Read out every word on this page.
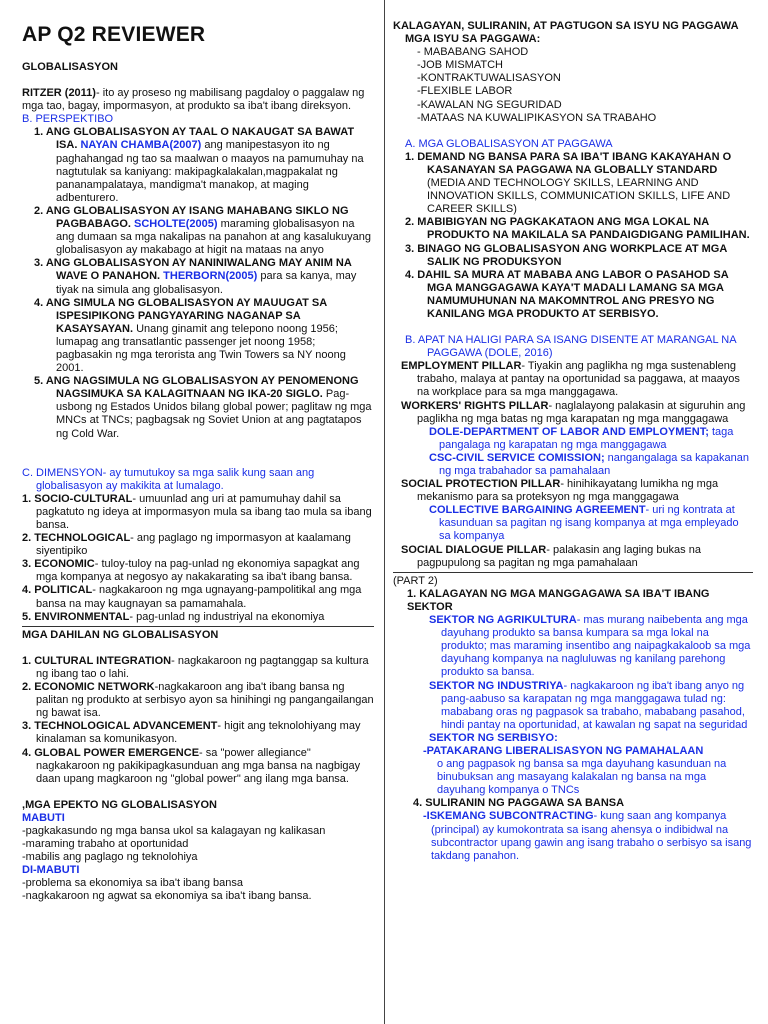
AP Q2 REVIEWER
GLOBALISASYON
RITZER (2011)- ito ay proseso ng mabilisang pagdaloy o paggalaw ng mga tao, bagay, impormasyon, at produkto sa iba't ibang direksyon.
B. PERSPEKTIBO
1. ANG GLOBALISASYON AY TAAL O NAKAUGAT SA BAWAT ISA. NAYAN CHAMBA(2007) ang manipestasyon ito ng paghahangad ng tao sa maalwan o maayos na pamumuhay na nagtutulak sa kaniyang: makipagkalakalan,magpakalat ng pananampalataya, mandigma't manakop, at maging adbenturero.
2. ANG GLOBALISASYON AY ISANG MAHABANG SIKLO NG PAGBABAGO. SCHOLTE(2005) maraming globalisasyon na ang dumaan sa mga nakalipas na panahon at ang kasalukuyang globalisasyon ay makabago at higit na mataas na anyo
3. ANG GLOBALISASYON AY NANINIWALANG MAY ANIM NA WAVE O PANAHON. THERBORN(2005) para sa kanya, may tiyak na simula ang globalisasyon.
4. ANG SIMULA NG GLOBALISASYON AY MAUUGAT SA ISPESIPIKONG PANGYAYARING NAGANAP SA KASAYSAYAN. Unang ginamit ang telepono noong 1956; lumapag ang transatlantic passenger jet noong 1958; pagbasakin ng mga terorista ang Twin Towers sa NY noong 2001.
5. ANG NAGSIMULA NG GLOBALISASYON AY PENOMENONG NAGSIMUKA SA KALAGITNAAN NG IKA-20 SIGLO. Pag-usbong ng Estados Unidos bilang global power; paglitaw ng mga MNCs at TNCs; pagbagsak ng Soviet Union at ang pagtatapos ng Cold War.
C. DIMENSYON- ay tumutukoy sa mga salik kung saan ang globalisasyon ay makikita at lumalago.
1. SOCIO-CULTURAL- umuunlad ang uri at pamumuhay dahil sa pagkatuto ng ideya at impormasyon mula sa ibang tao mula sa ibang bansa.
2. TECHNOLOGICAL- ang paglago ng impormasyon at kaalamang siyentipiko
3. ECONOMIC- tuloy-tuloy na pag-unlad ng ekonomiya sapagkat ang mga kompanya at negosyo ay nakakarating sa iba't ibang bansa.
4. POLITICAL- nagkakaroon ng mga ugnayang-pampolitikal ang mga bansa na may kaugnayan sa pamamahala.
5. ENVIRONMENTAL- pag-unlad ng industriyal na ekonomiya
MGA DAHILAN NG GLOBALISASYON
1. CULTURAL INTEGRATION- nagkakaroon ng pagtanggap sa kultura ng ibang tao o lahi.
2. ECONOMIC NETWORK-nagkakaroon ang iba't ibang bansa ng palitan ng produkto at serbisyo ayon sa hinihingi ng pangangailangan ng bawat isa.
3. TECHNOLOGICAL ADVANCEMENT- higit ang teknolohiyang may kinalaman sa komunikasyon.
4. GLOBAL POWER EMERGENCE- sa "power allegiance" nagkakaroon ng pakikipagkasunduan ang mga bansa na nagbigay daan upang magkaroon ng "global power" ang ilang mga bansa.
,MGA EPEKTO NG GLOBALISASYON
MABUTI
-pagkakasundo ng mga bansa ukol sa kalagayan ng kalikasan
-maraming trabaho at oportunidad
-mabilis ang paglago ng teknolohiya
DI-MABUTI
-problema sa ekonomiya sa iba't ibang bansa
-nagkakaroon ng agwat sa ekonomiya sa iba't ibang bansa.
KALAGAYAN, SULIRANIN, AT PAGTUGON SA ISYU NG PAGGAWA
MGA ISYU SA PAGGAWA:
- MABABANG SAHOD
-JOB MISMATCH
-KONTRAKTUWALISASYON
-FLEXIBLE LABOR
-KAWALAN NG SEGURIDAD
-MATAAS NA KUWALIPIKASYON SA TRABAHO
A. MGA GLOBALISASYON AT PAGGAWA
1. DEMAND NG BANSA PARA SA IBA'T IBANG KAKAYAHAN O KASANAYAN SA PAGGAWA NA GLOBALLY STANDARD (MEDIA AND TECHNOLOGY SKILLS, LEARNING AND INNOVATION SKILLS, COMMUNICATION SKILLS, LIFE AND CAREER SKILLS)
2. MABIBIGYAN NG PAGKAKATAON ANG MGA LOKAL NA PRODUKTO NA MAKILALA SA PANDAIGDIGANG PAMILIHAN.
3. BINAGO NG GLOBALISASYON ANG WORKPLACE AT MGA SALIK NG PRODUKSYON
4. DAHIL SA MURA AT MABABA ANG LABOR O PASAHOD SA MGA MANGGAGAWA KAYA'T MADALI LAMANG SA MGA NAMUMUHUNAN NA MAKOMNTROL ANG PRESYO NG KANILANG MGA PRODUKTO AT SERBISYO.
B. APAT NA HALIGI PARA SA ISANG DISENTE AT MARANGAL NA PAGGAWA (DOLE, 2016)
EMPLOYMENT PILLAR- Tiyakin ang paglikha ng mga sustenableng trabaho, malaya at pantay na oportunidad sa paggawa, at maayos na workplace para sa mga manggagawa.
WORKERS' RIGHTS PILLAR- naglalayong palakasin at siguruhin ang paglikha ng mga batas ng mga karapatan ng mga manggagawa
DOLE-DEPARTMENT OF LABOR AND EMPLOYMENT; taga pangalaga ng karapatan ng mga manggagawa
CSC-CIVIL SERVICE COMISSION; nangangalaga sa kapakanan ng mga trabahador sa pamahalaan
SOCIAL PROTECTION PILLAR- hinihikayatang lumikha ng mga mekanismo para sa proteksyon ng mga manggagawa
COLLECTIVE BARGAINING AGREEMENT- uri ng kontrata at kasunduan sa pagitan ng isang kompanya at mga empleyado sa kompanya
SOCIAL DIALOGUE PILLAR- palakasin ang laging bukas na pagpupulong sa pagitan ng mga pamahalaan
(PART 2)
1. KALAGAYAN NG MGA MANGGAGAWA SA IBA'T IBANG SEKTOR
SEKTOR NG AGRIKULTURA- mas murang naibebenta ang mga dayuhang produkto sa bansa kumpara sa mga lokal na produkto; mas maraming insentibo ang naipagkakaloob sa mga dayuhang kompanya na nagluluwas ng kanilang parehong produkto sa bansa.
SEKTOR NG INDUSTRIYA- nagkakaroon ng iba't ibang anyo ng pang-aabuso sa karapatan ng mga manggagawa tulad ng: mababang oras ng pagpasok sa trabaho, mababang pasahod, hindi pantay na oportunidad, at kawalan ng sapat na seguridad
SEKTOR NG SERBISYO:
-PATAKARANG LIBERALISASYON NG PAMAHALAAN
o ang pagpasok ng bansa sa mga dayuhang kasunduan na binubuksan ang masayang kalakalan ng bansa na mga dayuhang kompanya o TNCs
4. SULIRANIN NG PAGGAWA SA BANSA
-ISKEMANG SUBCONTRACTING- kung saan ang kompanya (principal) ay kumokontrata sa isang ahensya o indibidwal na subcontractor upang gawin ang isang trabaho o serbisyo sa isang takdang panahon.
